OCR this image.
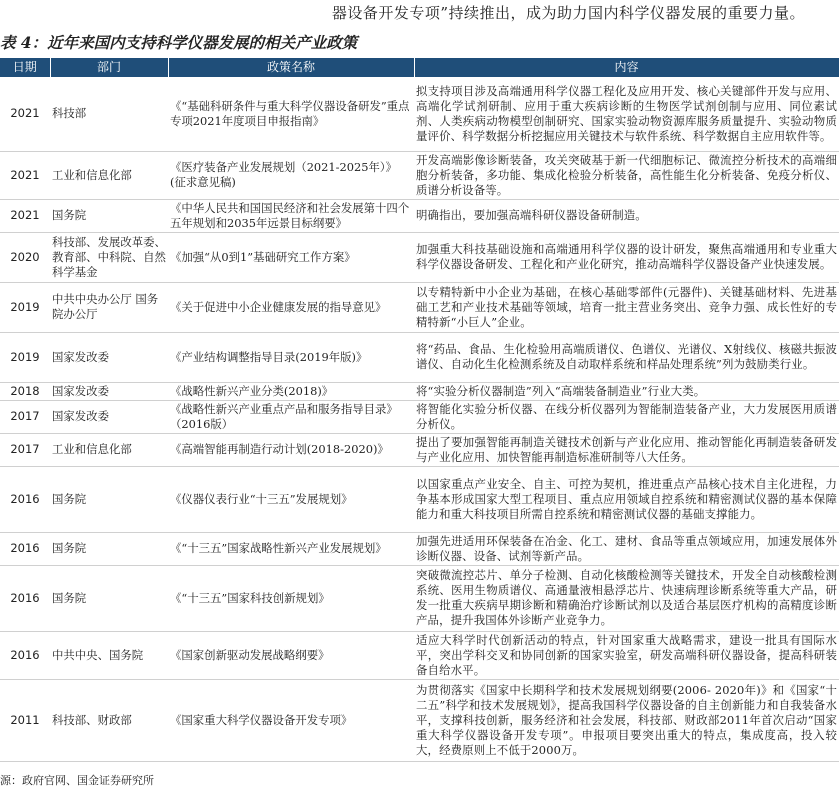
器设备开发专项”持续推出，成为助力国内科学仪器发展的重要力量。
表 4：近年来国内支持科学仪器发展的相关产业政策
日期	部门	政策名称	内容
2021	科技部	《“基础科研条件与重大科学仪器设备研发”重点专项2021年度项目申报指南》	拟支持项目涉及高端通用科学仪器工程化及应用开发、核心关键部件开发与应用、高端化学试剂研制、应用于重大疾病诊断的生物医学试剂创制与应用、同位素试剂、人类疾病动物模型创制研究、国家实验动物资源库服务质量提升、实验动物质量评价、科学数据分析挖掘应用关键技术与软件系统、科学数据自主应用软件等。
2021	工业和信息化部	《医疗装备产业发展规划（2021-2025年）》(征求意见稿)	开发高端影像诊断装备，攻关突破基于新一代细胞标记、微流控分析技术的高端细胞分析装备，多功能、集成化检验分析装备，高性能生化分析装备、免疫分析仪、质谱分析设备等。
2021	国务院	《中华人民共和国国民经济和社会发展第十四个五年规划和2035年远景目标纲要》	明确指出，要加强高端科研仪器设备研制造。
2020	科技部、发展改革委、教育部、中科院、自然科学基金	《加强“从0到1”基础研究工作方案》	加强重大科技基础设施和高端通用科学仪器的设计研发，聚焦高端通用和专业重大科学仪器设备研发、工程化和产业化研究，推动高端科学仪器设备产业快速发展。
2019	中共中央办公厅 国务院办公厅	《关于促进中小企业健康发展的指导意见》	以专精特新中小企业为基础，在核心基础零部件(元器件)、关键基础材料、先进基础工艺和产业技术基础等领域，培育一批主营业务突出、竞争力强、成长性好的专精特新“小巨人”企业。
2019	国家发改委	《产业结构调整指导目录(2019年版)》	将“药品、食品、生化检验用高端质谱仪、色谱仪、光谱仪、X射线仪、核磁共振波谱仪、自动化生化检测系统及自动取样系统和样品处理系统”列为鼓励类行业。
2018	国家发改委	《战略性新兴产业分类(2018)》	将“实验分析仪器制造”列入“高端装备制造业”行业大类。
2017	国家发改委	《战略性新兴产业重点产品和服务指导目录》（2016版）	将智能化实验分析仪器、在线分析仪器列为智能制造装备产业，大力发展医用质谱分析仪。
2017	工业和信息化部	《高端智能再制造行动计划(2018-2020)》	提出了要加强智能再制造关键技术创新与产业化应用、推动智能化再制造装备研发与产业化应用、加快智能再制造标准研制等八大任务。
2016	国务院	《仪器仪表行业“十三五”发展规划》	以国家重点产业安全、自主、可控为契机，推进重点产品核心技术自主化进程，力争基本形成国家大型工程项目、重点应用领域自控系统和精密测试仪器的基本保障能力和重大科技项目所需自控系统和精密测试仪器的基础支撑能力。
2016	国务院	《“十三五”国家战略性新兴产业发展规划》	加强先进适用环保装备在冶金、化工、建材、食品等重点领域应用，加速发展体外诊断仪器、设备、试剂等新产品。
2016	国务院	《“十三五”国家科技创新规划》	突破微流控芯片、单分子检测、自动化核酸检测等关键技术，开发全自动核酸检测系统、医用生物质谱仪、高通量液相悬浮芯片、快速病理诊断系统等重大产品，研发一批重大疾病早期诊断和精确治疗诊断试剂以及适合基层医疗机构的高精度诊断产品，提升我国体外诊断产业竞争力。
2016	中共中央、国务院	《国家创新驱动发展战略纲要》	适应大科学时代创新活动的特点，针对国家重大战略需求，建设一批具有国际水平，突出学科交叉和协同创新的国家实验室，研发高端科研仪器设备，提高科研装备自给水平。
2011	科技部、财政部	《国家重大科学仪器设备开发专项》	为贯彻落实《国家中长期科学和技术发展规划纲要(2006- 2020年)》和《国家“十二五”科学和技术发展规划》，提高我国科学仪器设备的自主创新能力和自我装备水平，支撑科技创新，服务经济和社会发展，科技部、财政部2011年首次启动“国家重大科学仪器设备开发专项”。申报项目要突出重大的特点，集成度高，投入较大，经费原则上不低于2000万。
源：政府官网、国金证券研究所
